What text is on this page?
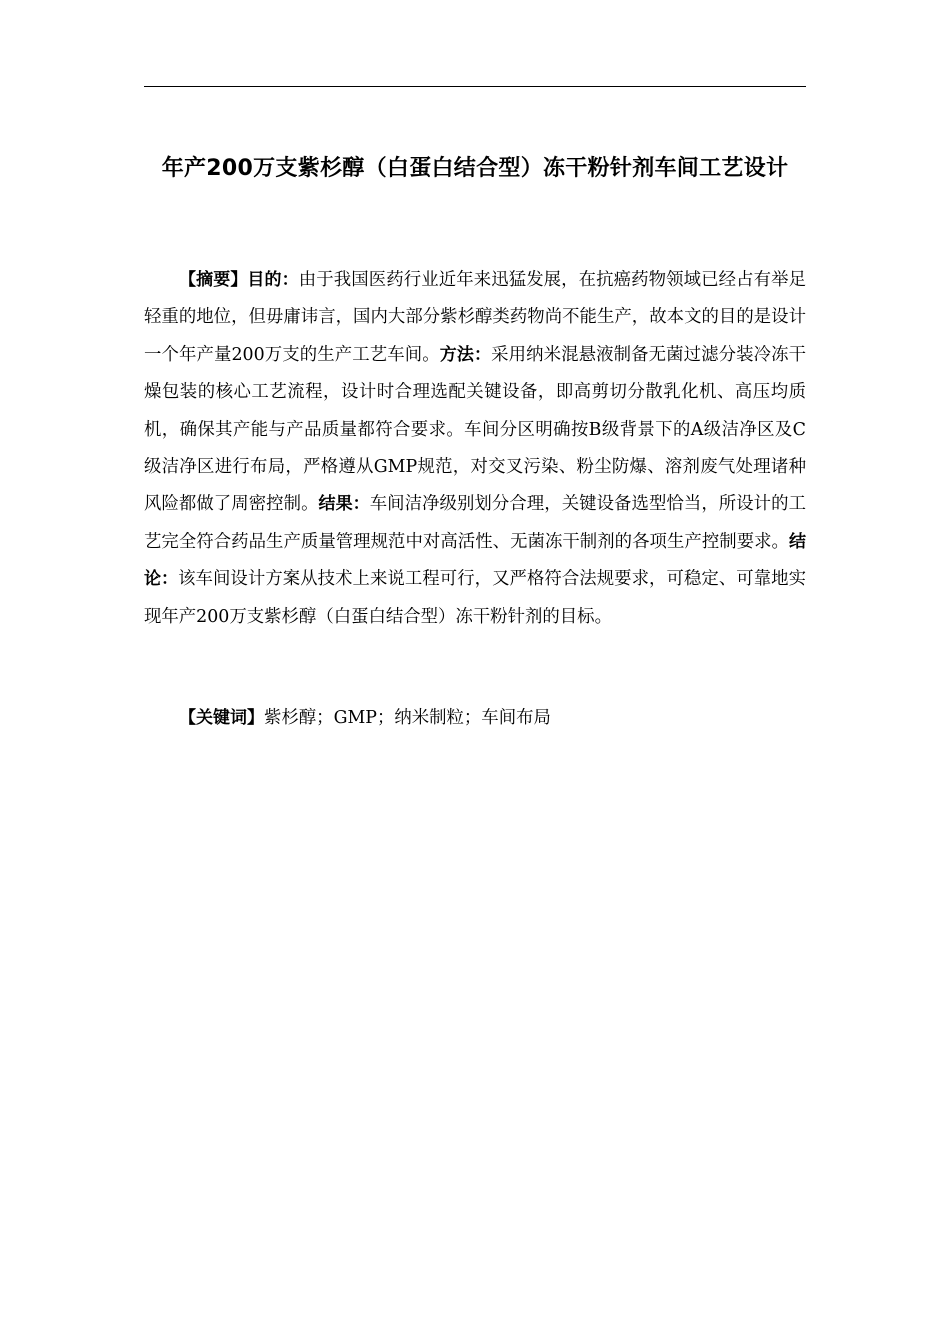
年产200万支紫杉醇（白蛋白结合型）冻干粉针剂车间工艺设计
【摘要】目的：由于我国医药行业近年来迅猛发展，在抗癌药物领域已经占有举足轻重的地位，但毋庸讳言，国内大部分紫杉醇类药物尚不能生产，故本文的目的是设计一个年产量200万支的生产工艺车间。方法：采用纳米混悬液制备无菌过滤分装冷冻干燥包装的核心工艺流程，设计时合理选配关键设备，即高剪切分散乳化机、高压均质机，确保其产能与产品质量都符合要求。车间分区明确按B级背景下的A级洁净区及C级洁净区进行布局，严格遵从GMP规范，对交叉污染、粉尘防爆、溶剂废气处理诸种风险都做了周密控制。结果：车间洁净级别划分合理，关键设备选型恰当，所设计的工艺完全符合药品生产质量管理规范中对高活性、无菌冻干制剂的各项生产控制要求。结论：该车间设计方案从技术上来说工程可行，又严格符合法规要求，可稳定、可靠地实现年产200万支紫杉醇（白蛋白结合型）冻干粉针剂的目标。
【关键词】紫杉醇；GMP；纳米制粒；车间布局
